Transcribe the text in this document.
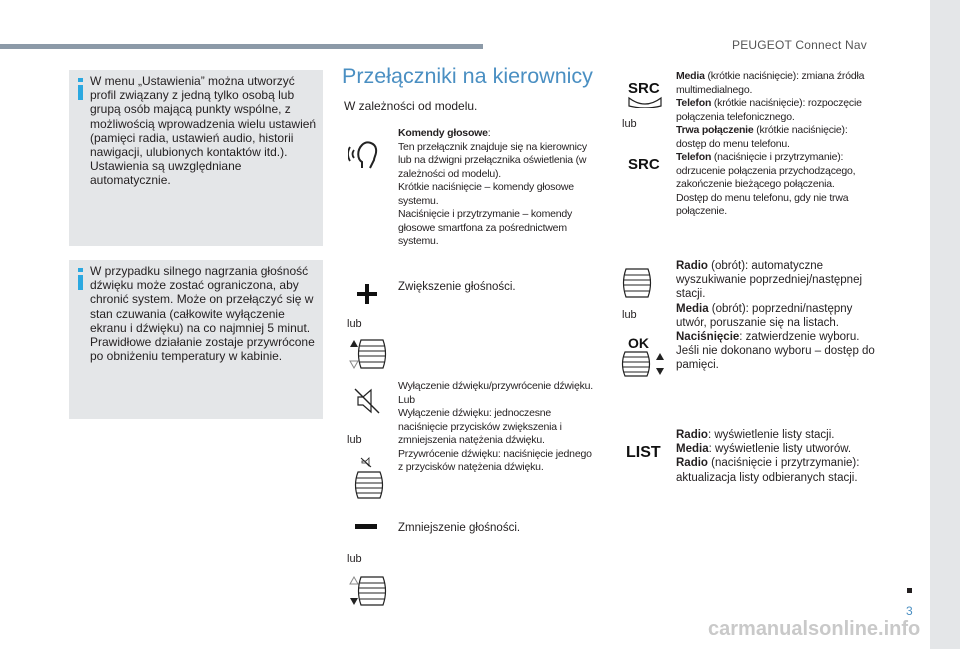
PEUGEOT Connect Nav
W menu „Ustawienia” można utworzyć profil związany z jedną tylko osobą lub grupą osób mającą punkty wspólne, z możliwością wprowadzenia wielu ustawień (pamięci radia, ustawień audio, historii nawigacji, ulubionych kontaktów itd.). Ustawienia są uwzględniane automatycznie.
W przypadku silnego nagrzania głośność dźwięku może zostać ograniczona, aby chronić system. Może on przełączyć się w stan czuwania (całkowite wyłączenie ekranu i dźwięku) na co najmniej 5 minut. Prawidłowe działanie zostaje przywrócone po obniżeniu temperatury w kabinie.
Przełączniki na kierownicy
W zależności od modelu.
Komendy głosowe:
Ten przełącznik znajduje się na kierownicy lub na dźwigni przełącznika oświetlenia (w zależności od modelu).
Krótkie naciśnięcie – komendy głosowe systemu.
Naciśnięcie i przytrzymanie – komendy głosowe smartfona za pośrednictwem systemu.
lub
Zwiększenie głośności.
lub
Wyłączenie dźwięku/przywrócenie dźwięku.
Lub
Wyłączenie dźwięku: jednoczesne naciśnięcie przycisków zwiększenia i zmniejszenia natężenia dźwięku.
Przywrócenie dźwięku: naciśnięcie jednego z przycisków natężenia dźwięku.
lub
Zmniejszenie głośności.
SRC
lub
SRC
Media (krótkie naciśnięcie): zmiana źródła multimedialnego.
Telefon (krótkie naciśnięcie): rozpoczęcie połączenia telefonicznego.
Trwa połączenie (krótkie naciśnięcie): dostęp do menu telefonu.
Telefon (naciśnięcie i przytrzymanie): odrzucenie połączenia przychodzącego, zakończenie bieżącego połączenia.
Dostęp do menu telefonu, gdy nie trwa połączenie.
lub
OK
Radio (obrót): automatyczne wyszukiwanie poprzedniej/następnej stacji.
Media (obrót): poprzedni/następny utwór, poruszanie się na listach.
Naciśnięcie: zatwierdzenie wyboru. Jeśli nie dokonano wyboru – dostęp do pamięci.
LIST
Radio: wyświetlenie listy stacji.
Media: wyświetlenie listy utworów.
Radio (naciśnięcie i przytrzymanie): aktualizacja listy odbieranych stacji.
3
carmanualsonline.info
